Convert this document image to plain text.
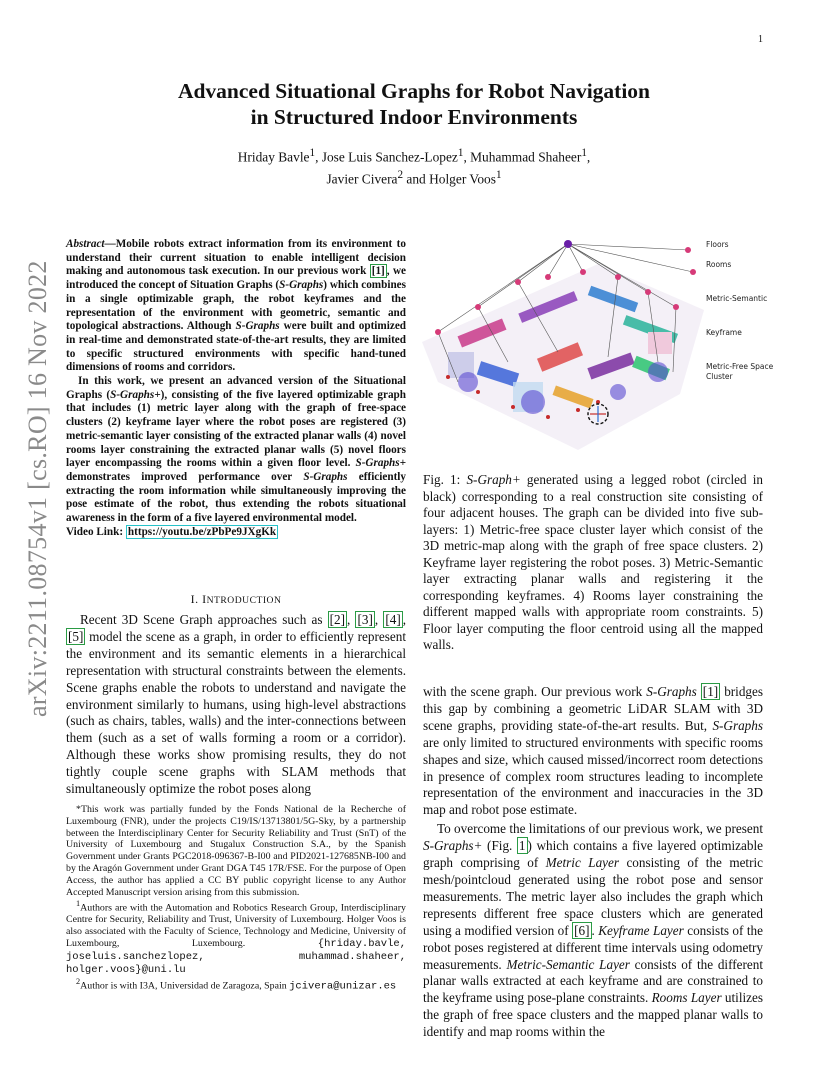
1
arXiv:2211.08754v1 [cs.RO] 16 Nov 2022
Advanced Situational Graphs for Robot Navigation
in Structured Indoor Environments
Hriday Bavle$^1$, Jose Luis Sanchez-Lopez$^1$, Muhammad Shaheer$^1$,
Javier Civera$^2$ and Holger Voos$^1$

Abstract—Mobile robots extract information from its environment to understand their current situation to enable intelligent decision making and autonomous task execution. In our previous work [1] , we introduced the concept of Situation Graphs (S-Graphs) which combines in a single optimizable graph, the robot keyframes and the representation of the environment with geometric, semantic and topological abstractions. Although S-Graphs were built and optimized in real-time and demonstrated state-of-the-art results, they are limited to specific structured environments with specific hand-tuned dimensions of rooms and corridors.

In this work, we present an advanced version of the Situational Graphs (S-Graphs+), consisting of the five layered optimizable graph that includes (1) metric layer along with the graph of free-space clusters (2) keyframe layer where the robot poses are registered (3) metric-semantic layer consisting of the extracted planar walls (4) novel rooms layer constraining the extracted planar walls (5) novel floors layer encompassing the rooms within a given floor level. S-Graphs+ demonstrates improved performance over S-Graphs efficiently extracting the room information while simultaneously improving the pose estimate of the robot, thus extending the robots situational awareness in the form of a five layered environmental model.

Video Link: https://youtu.be/zPbPe9JXgKk
I. INTRODUCTION

Recent 3D Scene Graph approaches such as [2] , [3] , [4] , [5] model the scene as a graph, in order to efficiently represent the environment and its semantic elements in a hierarchical representation with structural constraints between the elements. Scene graphs enable the robots to understand and navigate the environment similarly to humans, using high-level abstractions (such as chairs, tables, walls) and the inter-connections between them (such as a set of walls forming a room or a corridor). Although these works show promising results, they do not tightly couple scene graphs with SLAM methods that simultaneously optimize the robot poses along

*This work was partially funded by the Fonds National de la Recherche of Luxembourg (FNR), under the projects C19/IS/13713801/5G-Sky, by a partnership between the Interdisciplinary Center for Security Reliability and Trust (SnT) of the University of Luxembourg and Stugalux Construction S.A., by the Spanish Government under Grants PGC2018-096367-B-I00 and PID2021-127685NB-I00 and by the Aragón Government under Grant DGA T45 17R/FSE. For the purpose of Open Access, the author has applied a CC BY public copyright license to any Author Accepted Manuscript version arising from this submission.

$^1$Authors are with the Automation and Robotics Research Group, Interdisciplinary Centre for Security, Reliability and Trust, University of Luxembourg. Holger Voos is also associated with the Faculty of Science, Technology and Medicine, University of Luxembourg, Luxembourg. {hriday.bavle, joseluis.sanchezlopez, muhammad.shaheer, holger.voos}@uni.lu

$^2$Author is with I3A, Universidad de Zaragoza, Spain jcivera@unizar.es

Floors
Rooms
Metric-Semantic
Keyframe
Metric-Free Space
Cluster
Fig. 1: S-Graph+ generated using a legged robot (circled in black) corresponding to a real construction site consisting of four adjacent houses. The graph can be divided into five sub-layers: 1) Metric-free space cluster layer which consist of the 3D metric-map along with the graph of free space clusters. 2) Keyframe layer registering the robot poses. 3) Metric-Semantic layer extracting planar walls and registering it the corresponding keyframes. 4) Rooms layer constraining the different mapped walls with appropriate room constraints. 5) Floor layer computing the floor centroid using all the mapped walls.

with the scene graph. Our previous work S-Graphs [1] bridges this gap by combining a geometric LiDAR SLAM with 3D scene graphs, providing state-of-the-art results. But, S-Graphs are only limited to structured environments with specific rooms shapes and size, which caused missed/incorrect room detections in presence of complex room structures leading to incomplete representation of the environment and inaccuracies in the 3D map and robot pose estimate.

To overcome the limitations of our previous work, we present S-Graphs+ (Fig. 1 ) which contains a five layered optimizable graph comprising of Metric Layer consisting of the metric mesh/pointcloud generated using the robot pose and sensor measurements. The metric layer also includes the graph which represents different free space clusters which are generated using a modified version of [6] . Keyframe Layer consists of the robot poses registered at different time intervals using odometry measurements. Metric-Semantic Layer consists of the different planar walls extracted at each keyframe and are constrained to the keyframe using pose-plane constraints. Rooms Layer utilizes the graph of free space clusters and the mapped planar walls to identify and map rooms within the
